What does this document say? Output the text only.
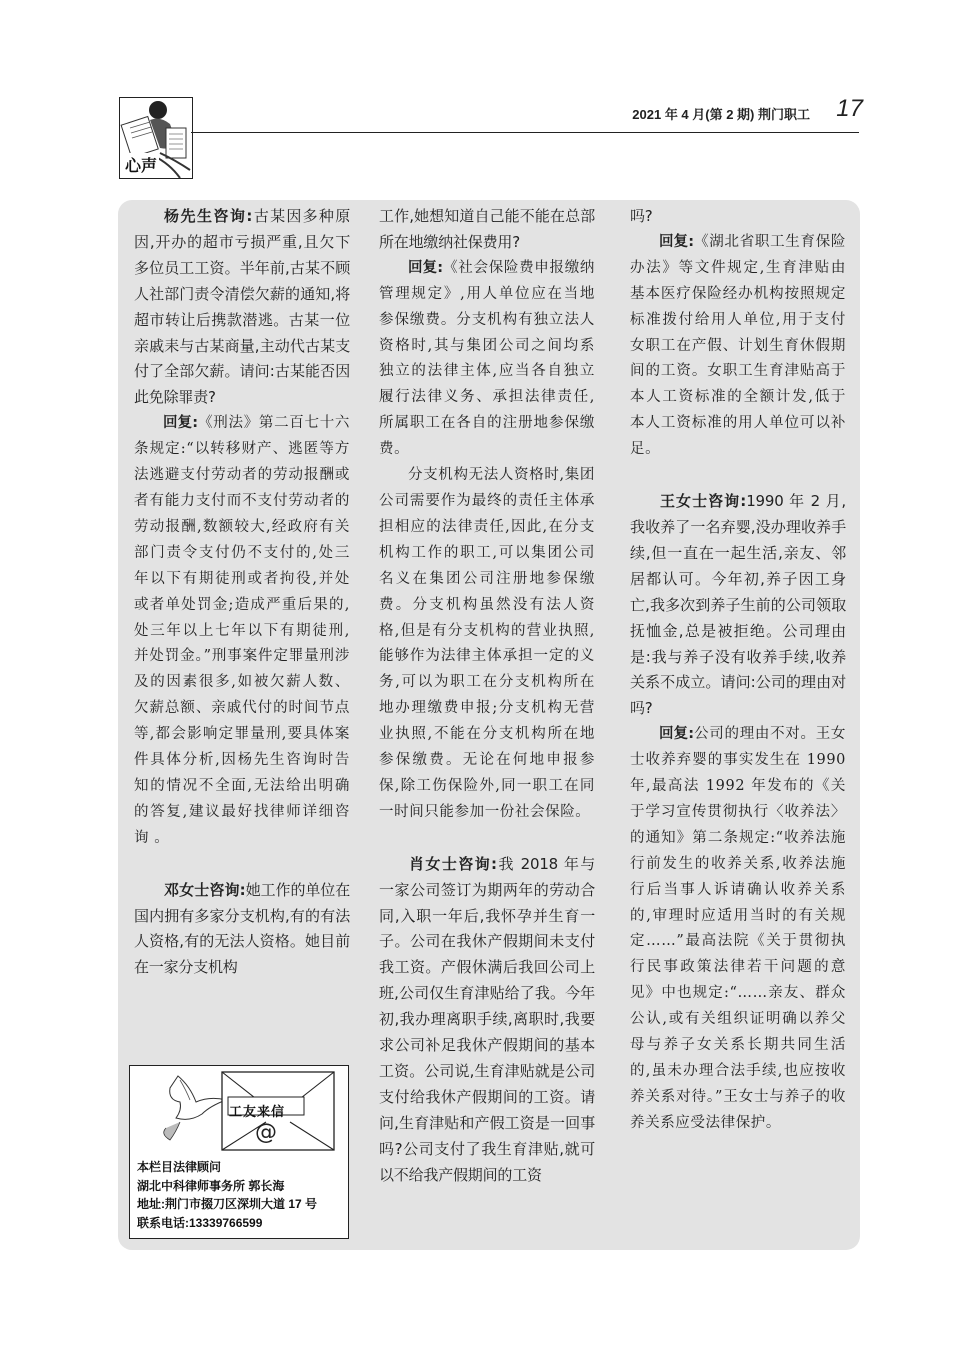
心声
2021 年 4 月(第 2 期) 荆门职工 17

杨先生咨询:古某因多种原因,开办的超市亏损严重,且欠下多位员工工资。半年前,古某不顾人社部门责令清偿欠薪的通知,将超市转让后携款潜逃。古某一位亲戚耒与古某商量,主动代古某支付了全部欠薪。请问:古某能否因此免除罪责?

回复:《刑法》第二百七十六条规定:“以转移财产、逃匿等方法逃避支付劳动者的劳动报酬或者有能力支付而不支付劳动者的劳动报酬,数额较大,经政府有关部门责令支付仍不支付的,处三年以下有期徒刑或者拘役,并处或者单处罚金;造成严重后果的,处三年以上七年以下有期徒刑,并处罚金。”刑事案件定罪量刑涉及的因素很多,如被欠薪人数、欠薪总额、亲戚代付的时间节点等,都会影响定罪量刑,要具体案件具体分析,因杨先生咨询时告知的情况不全面,无法给出明确的答复,建议最好找律师详细咨询 。

邓女士咨询:她工作的单位在国内拥有多家分支机构,有的有法人资格,有的无法人资格。她目前在一家分支机构

工友来信
@
本栏目法律顾问
湖北中科律师事务所 郭长海
地址:荆门市掇刀区深圳大道 17 号
联系电话:13339766599

工作,她想知道自己能不能在总部所在地缴纳社保费用?

回复:《社会保险费申报缴纳管理规定》,用人单位应在当地参保缴费。分支机构有独立法人资格时,其与集团公司之间均系独立的法律主体,应当各自独立履行法律义务、承担法律责任,所属职工在各自的注册地参保缴费。

分支机构无法人资格时,集团公司需要作为最终的责任主体承担相应的法律责任,因此,在分支机构工作的职工,可以集团公司名义在集团公司注册地参保缴费。分支机构虽然没有法人资格,但是有分支机构的营业执照,能够作为法律主体承担一定的义务,可以为职工在分支机构所在地办理缴费申报;分支机构无营业执照,不能在分支机构所在地参保缴费。无论在何地申报参保,除工伤保险外,同一职工在同一时间只能参加一份社会保险。

肖女士咨询:我 2018 年与一家公司签订为期两年的劳动合同,入职一年后,我怀孕并生育一子。公司在我休产假期间未支付我工资。产假休满后我回公司上班,公司仅生育津贴给了我。今年初,我办理离职手续,离职时,我要求公司补足我休产假期间的基本工资。公司说,生育津贴就是公司支付给我休产假期间的工资。请问,生育津贴和产假工资是一回事吗?公司支付了我生育津贴,就可以不给我产假期间的工资

吗?

回复:《湖北省职工生育保险办法》等文件规定,生育津贴由基本医疗保险经办机构按照规定标准拨付给用人单位,用于支付女职工在产假、计划生育休假期间的工资。女职工生育津贴高于本人工资标准的全额计发,低于本人工资标准的用人单位可以补足。

王女士咨询:1990 年 2 月,我收养了一名弃婴,没办理收养手续,但一直在一起生活,亲友、邻居都认可。今年初,养子因工身亡,我多次到养子生前的公司领取抚恤金,总是被拒绝。公司理由是:我与养子没有收养手续,收养关系不成立。请问:公司的理由对吗?

回复:公司的理由不对。王女士收养弃婴的事实发生在 1990 年,最高法 1992 年发布的《关于学习宣传贯彻执行〈收养法〉的通知》第二条规定:“收养法施行前发生的收养关系,收养法施行后当事人诉请确认收养关系的,审理时应适用当时的有关规定……”最高法院《关于贯彻执行民事政策法律若干问题的意见》中也规定:“……亲友、群众公认,或有关组织证明确以养父母与养子女关系长期共同生活的,虽未办理合法手续,也应按收养关系对待。”王女士与养子的收养关系应受法律保护。
